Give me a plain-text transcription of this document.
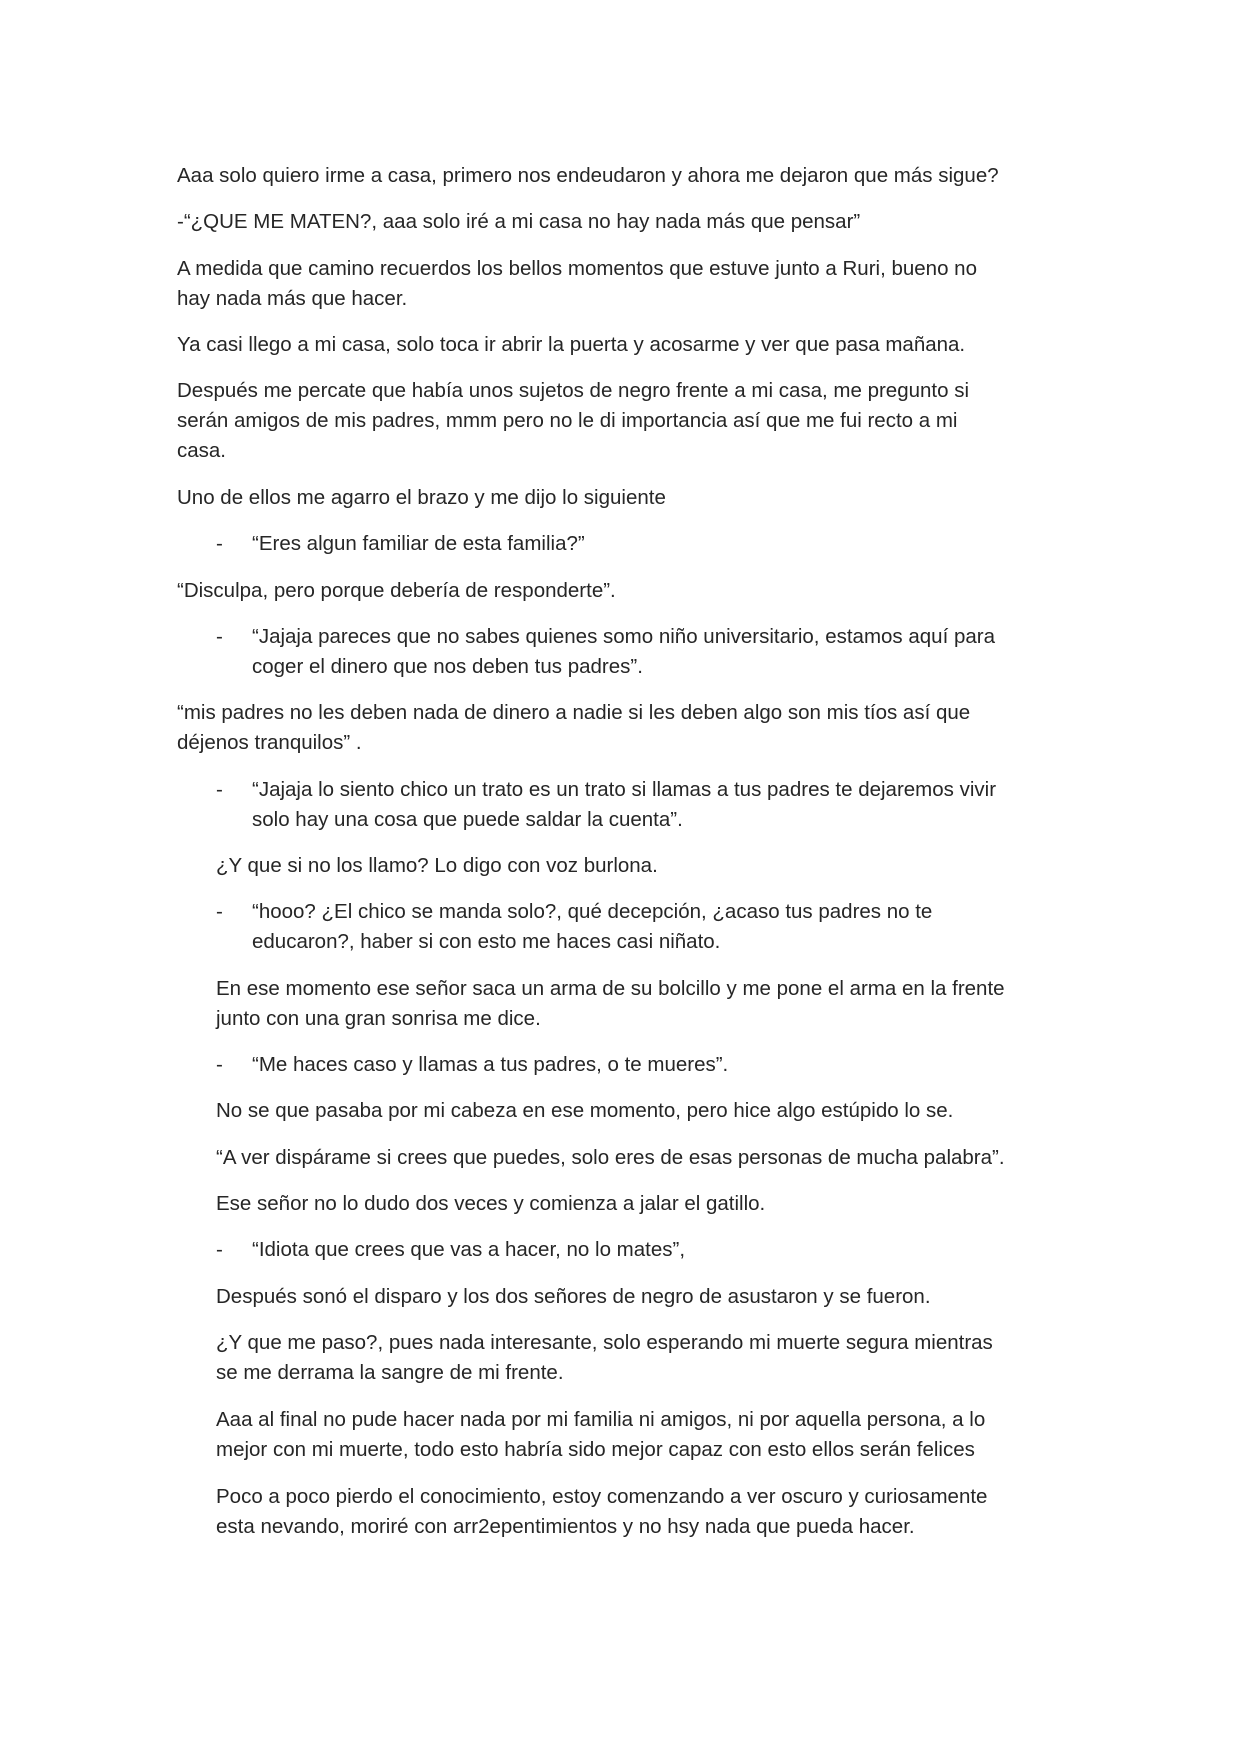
Aaa solo quiero irme a casa, primero nos endeudaron y ahora me dejaron que más sigue?
-“¿QUE ME MATEN?, aaa solo iré a mi casa no hay nada más que pensar”
A medida que camino recuerdos los bellos momentos que estuve junto a Ruri, bueno no
hay nada más que hacer.
Ya casi llego a mi casa, solo toca ir abrir la puerta y acosarme y ver que pasa mañana.
Después me percate que había unos sujetos de negro frente a mi casa, me pregunto si
serán amigos de mis padres, mmm pero no le di importancia así que me fui recto a mi
casa.
Uno de ellos me agarro el brazo y me dijo lo siguiente
- “Eres algun familiar de esta familia?”
“Disculpa, pero porque debería de responderte”.
- “Jajaja pareces que no sabes quienes somo niño universitario, estamos aquí para
coger el dinero que nos deben tus padres”.
“mis padres no les deben nada de dinero a nadie si les deben algo son mis tíos así que
déjenos tranquilos” .
- “Jajaja lo siento chico un trato es un trato si llamas a tus padres te dejaremos vivir
solo hay una cosa que puede saldar la cuenta”.
¿Y que si no los llamo? Lo digo con voz burlona.
- “hooo? ¿El chico se manda solo?, qué decepción, ¿acaso tus padres no te
educaron?, haber si con esto me haces casi niñato.
En ese momento ese señor saca un arma de su bolcillo y me pone el arma en la frente
junto con una gran sonrisa me dice.
- “Me haces caso y llamas a tus padres, o te mueres”.
No se que pasaba por mi cabeza en ese momento, pero hice algo estúpido lo se.
“A ver dispárame si crees que puedes, solo eres de esas personas de mucha palabra”.
Ese señor no lo dudo dos veces y comienza a jalar el gatillo.
- “Idiota que crees que vas a hacer, no lo mates”,
Después sonó el disparo y los dos señores de negro de asustaron y se fueron.
¿Y que me paso?, pues nada interesante, solo esperando mi muerte segura mientras
se me derrama la sangre de mi frente.
Aaa al final no pude hacer nada por mi familia ni amigos, ni por aquella persona, a lo
mejor con mi muerte, todo esto habría sido mejor capaz con esto ellos serán felices
Poco a poco pierdo el conocimiento, estoy comenzando a ver oscuro y curiosamente
esta nevando, moriré con arr2epentimientos y no hsy nada que pueda hacer.
